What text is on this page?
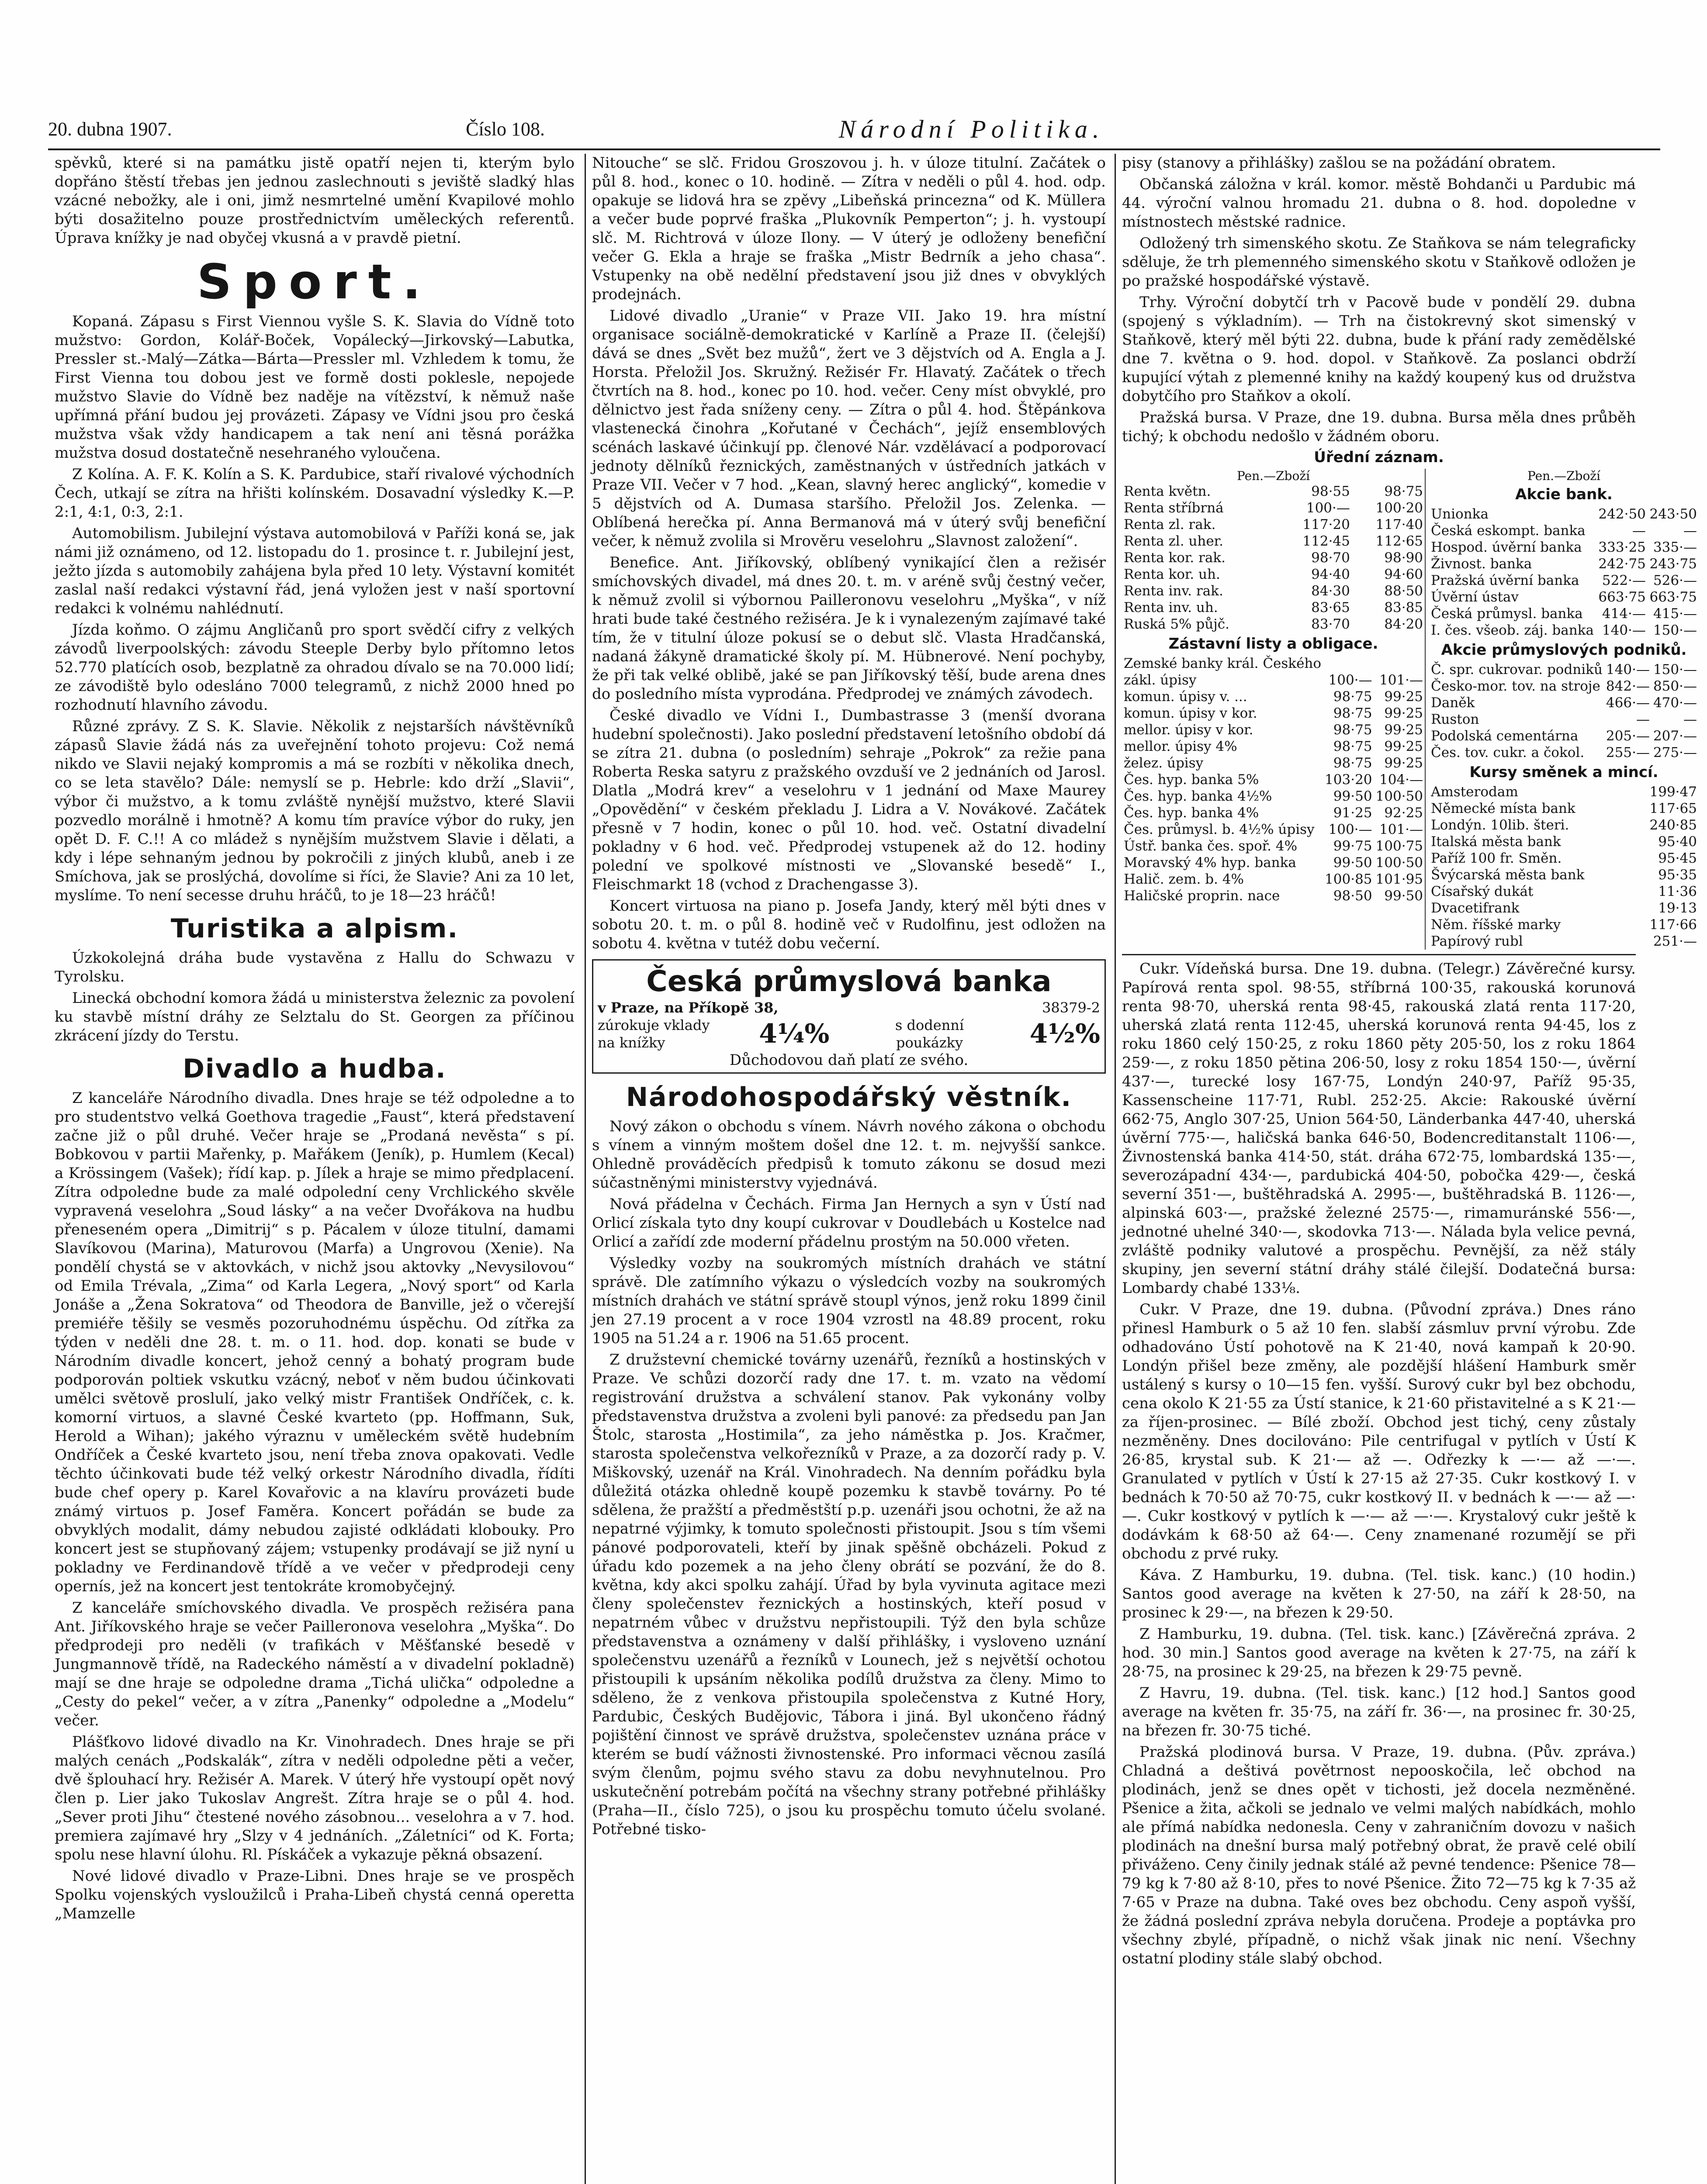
20. dubna 1907.	Číslo 108.	Národní Politika.

spěvků, které si na památku jistě opatří nejen ti, kterým bylo dopřáno štěstí třebas jen jednou zaslechnouti s jeviště sladký hlas vzácné nebožky, ale i oni, jimž nesmrtelné umění Kvapilové mohlo býti dosažitelno pouze prostřednictvím uměleckých referentů. Úprava knížky je nad obyčej vkusná a v pravdě pietní.

Sport.

Kopaná. Zápasu s First Viennou vyšle S. K. Slavia do Vídně toto mužstvo: Gordon, Kolář-Boček, Vopálecký—Jirkovský—Labutka, Pressler st.-Malý—Zátka—Bárta—Pressler ml. Vzhledem k tomu, že First Vienna tou dobou jest ve formě dosti poklesle, nepojede mužstvo Slavie do Vídně bez naděje na vítězství, k němuž naše upřímná přání budou jej provázeti. Zápasy ve Vídni jsou pro česká mužstva však vždy handicapem a tak není ani těsná porážka mužstva dosud dostatečně nesehraného vyloučena.

Z Kolína. A. F. K. Kolín a S. K. Pardubice, staří rivalové východních Čech, utkají se zítra na hřišti kolínském. Dosavadní výsledky K.—P. 2:1, 4:1, 0:3, 2:1.

Automobilism. Jubilejní výstava automobilová v Paříži koná se, jak námi již oznámeno, od 12. listopadu do 1. prosince t. r. Jubilejní jest, ježto jízda s automobily zahájena byla před 10 lety. Výstavní komitét zaslal naší redakci výstavní řád, jená vyložen jest v naší sportovní redakci k volnému nahlédnutí.

Jízda koňmo. O zájmu Angličanů pro sport svědčí cifry z velkých závodů liverpoolských: závodu Steeple Derby bylo přítomno letos 52.770 platících osob, bezplatně za ohradou dívalo se na 70.000 lidí; ze závodiště bylo odesláno 7000 telegramů, z nichž 2000 hned po rozhodnutí hlavního závodu.

Různé zprávy. Z S. K. Slavie. Několik z nejstarších návštěvníků zápasů Slavie žádá nás za uveřejnění tohoto projevu: Což nemá nikdo ve Slavii nejaký kompromis a má se rozbíti v několika dnech, co se leta stavělo? Dále: nemyslí se p. Hebrle: kdo drží „Slavii“, výbor či mužstvo, a k tomu zvláště nynější mužstvo, které Slavii pozvedlo morálně i hmotně? A komu tím pravíce výbor do ruky, jen opět D. F. C.!! A co mládež s nynějším mužstvem Slavie i dělati, a kdy i lépe sehnaným jednou by pokročili z jiných klubů, aneb i ze Smíchova, jak se proslýchá, dovolíme si říci, že Slavie? Ani za 10 let, myslíme. To není secesse druhu hráčů, to je 18—23 hráčů!

Turistika a alpism.

Úzkokolejná dráha bude vystavěna z Hallu do Schwazu v Tyrolsku.

Linecká obchodní komora žádá u ministerstva železnic za povolení ku stavbě místní dráhy ze Selztalu do St. Georgen za příčinou zkrácení jízdy do Terstu.

Divadlo a hudba.

Z kanceláře Národního divadla. Dnes hraje se též odpoledne a to pro studentstvo velká Goethova tragedie „Faust“, která představení začne již o půl druhé. Večer hraje se „Prodaná nevěsta“ s pí. Bobkovou v partii Mařenky, p. Mařákem (Jeník), p. Humlem (Kecal) a Krössingem (Vašek); řídí kap. p. Jílek a hraje se mimo předplacení. Zítra odpoledne bude za malé odpolední ceny Vrchlického skvěle vypravená veselohra „Soud lásky“ a na večer Dvořákova na hudbu přeneseném opera „Dimitrij“ s p. Pácalem v úloze titulní, damami Slavíkovou (Marina), Maturovou (Marfa) a Ungrovou (Xenie). Na pondělí chystá se v aktovkách, v nichž jsou aktovky „Nevysilovou“ od Emila Trévala, „Zima“ od Karla Legera, „Nový sport“ od Karla Jonáše a „Žena Sokratova“ od Theodora de Banville, jež o včerejší premiéře těšily se vesměs pozoruhodnému úspěchu. Od zítřka za týden v neděli dne 28. t. m. o 11. hod. dop. konati se bude v Národním divadle koncert, jehož cenný a bohatý program bude podporován poltiek vskutku vzácný, neboť v něm budou účinkovati umělci světově proslulí, jako velký mistr František Ondříček, c. k. komorní virtuos, a slavné České kvarteto (pp. Hoffmann, Suk, Herold a Wihan); jakého výraznu v uměleckém světě hudebním Ondříček a České kvarteto jsou, není třeba znova opakovati. Vedle těchto účinkovati bude též velký orkestr Národního divadla, řídíti bude chef opery p. Karel Kovařovic a na klavíru provázeti bude známý virtuos p. Josef Faměra. Koncert pořádán se bude za obvyklých modalit, dámy nebudou zajisté odkládati klobouky. Pro koncert jest se stupňovaný zájem; vstupenky prodávají se již nyní u pokladny ve Ferdinandově třídě a ve večer v předprodeji ceny opernís, jež na koncert jest tentokráte kromobyčejný.

Z kanceláře smíchovského divadla. Ve prospěch režiséra pana Ant. Jiříkovského hraje se večer Pailleronova veselohra „Myška“. Do předprodeji pro neděli (v trafikách v Měšťanské besedě v Jungmannově třídě, na Radeckého náměstí a v divadelní pokladně) mají se dne hraje se odpoledne drama „Tichá ulička“ odpoledne a „Cesty do pekel“ večer, a v zítra „Panenky“ odpoledne a „Modelu“ večer.

Plášťkovo lidové divadlo na Kr. Vinohradech. Dnes hraje se při malých cenách „Podskalák“, zítra v neděli odpoledne pěti a večer, dvě šplouhací hry. Režisér A. Marek. V úterý hře vystoupí opět nový člen p. Lier jako Tukoslav Angrešt. Zítra hraje se o půl 4. hod. „Sever proti Jihu“ čtestené nového zásobnou... veselohra a v 7. hod. premiera zajímavé hry „Slzy v 4 jednáních. „Záletníci“ od K. Forta; spolu nese hlavní úlohu. Rl. Pískáček a vykazuje pěkná obsazení.

Nové lidové divadlo v Praze-Libni. Dnes hraje se ve prospěch Spolku vojenských vysloužilců i Praha-Libeň chystá cenná operetta „Mamzelle

Nitouche“ se slč. Fridou Groszovou j. h. v úloze titulní. Začátek o půl 8. hod., konec o 10. hodině. — Zítra v neděli o půl 4. hod. odp. opakuje se lidová hra se zpěvy „Libeňská princezna“ od K. Müllera a večer bude poprvé fraška „Plukovník Pemperton“; j. h. vystoupí slč. M. Richtrová v úloze Ilony. — V úterý je odloženy benefiční večer G. Ekla a hraje se fraška „Mistr Bedrník a jeho chasa“. Vstupenky na obě nedělní představení jsou již dnes v obvyklých prodejnách.

Lidové divadlo „Uranie“ v Praze VII. Jako 19. hra místní organisace sociálně-demokratické v Karlíně a Praze II. (čelejší) dává se dnes „Svět bez mužů“, žert ve 3 dějstvích od A. Engla a J. Horsta. Přeložil Jos. Skružný. Režisér Fr. Hlavatý. Začátek o třech čtvrtích na 8. hod., konec po 10. hod. večer. Ceny míst obvyklé, pro dělnictvo jest řada sníženy ceny. — Zítra o půl 4. hod. Štěpánkova vlastenecká činohra „Kořutané v Čechách“, jejíž ensemblových scénách laskavé účinkují pp. členové Nár. vzdělávací a podporovací jednoty dělníků řeznických, zaměstnaných v ústředních jatkách v Praze VII. Večer v 7 hod. „Kean, slavný herec anglický“, komedie v 5 dějstvích od A. Dumasa staršího. Přeložil Jos. Zelenka. — Oblíbená herečka pí. Anna Bermanová má v úterý svůj benefiční večer, k němuž zvolila si Mrověru veselohru „Slavnost založení“.

Benefice. Ant. Jiříkovský, oblíbený vynikající člen a režisér smíchovských divadel, má dnes 20. t. m. v aréně svůj čestný večer, k němuž zvolil si výbornou Pailleronovu veselohru „Myška“, v níž hrati bude také čestného režiséra. Je k i vynalezeným zajímavé také tím, že v titulní úloze pokusí se o debut slč. Vlasta Hradčanská, nadaná žákyně dramatické školy pí. M. Hübnerové. Není pochyby, že při tak velké oblibě, jaké se pan Jiříkovský těší, bude arena dnes do posledního místa vyprodána. Předprodej ve známých závodech.

České divadlo ve Vídni I., Dumbastrasse 3 (menší dvorana hudební společnosti). Jako poslední představení letošního období dá se zítra 21. dubna (o posledním) sehraje „Pokrok“ za režie pana Roberta Reska satyru z pražského ovzduší ve 2 jednáních od Jarosl. Dlatla „Modrá krev“ a veselohru v 1 jednání od Maxe Maurey „Opovědění“ v českém překladu J. Lidra a V. Novákové. Začátek přesně v 7 hodin, konec o půl 10. hod. več. Ostatní divadelní pokladny v 6 hod. več. Předprodej vstupenek až do 12. hodiny polední ve spolkové místnosti ve „Slovanské besedě“ I., Fleischmarkt 18 (vchod z Drachengasse 3).

Koncert virtuosa na piano p. Josefa Jandy, který měl býti dnes v sobotu 20. t. m. o půl 8. hodině več v Rudolfinu, jest odložen na sobotu 4. května v tutéž dobu večerní.

Česká průmyslová banka
v Praze, na Příkopě 38,	38379-2
zúrokuje vklady na knížky	4¼%	s dodenní poukázky	4½%
Důchodovou daň platí ze svého.
Národohospodářský věstník.

Nový zákon o obchodu s vínem. Návrh nového zákona o obchodu s vínem a vinným moštem došel dne 12. t. m. nejvyšší sankce. Ohledně prováděcích předpisů k tomuto zákonu se dosud mezi súčastněnými ministerstvy vyjednává.

Nová přádelna v Čechách. Firma Jan Hernych a syn v Ústí nad Orlicí získala tyto dny koupí cukrovar v Doudlebách u Kostelce nad Orlicí a zařídí zde moderní přádelnu prostým na 50.000 vřeten.

Výsledky vozby na soukromých místních drahách ve státní správě. Dle zatímního výkazu o výsledcích vozby na soukromých místních drahách ve státní správě stoupl výnos, jenž roku 1899 činil jen 27.19 procent a v roce 1904 vzrostl na 48.89 procent, roku 1905 na 51.24 a r. 1906 na 51.65 procent.

Z družstevní chemické továrny uzenářů, řezníků a hostinských v Praze. Ve schůzi dozorčí rady dne 17. t. m. vzato na vědomí registrování družstva a schválení stanov. Pak vykonány volby představenstva družstva a zvoleni byli panové: za předsedu pan Jan Štolc, starosta „Hostimila“, za jeho náměstka p. Jos. Kračmer, starosta společenstva velkořezníků v Praze, a za dozorčí rady p. V. Miškovský, uzenář na Král. Vinohradech. Na denním pořádku byla důležitá otázka ohledně koupě pozemku k stavbě továrny. Po té sdělena, že pražští a předměstští p.p. uzenáři jsou ochotni, že až na nepatrné výjimky, k tomuto společnosti přistoupit. Jsou s tím všemi pánové podporovateli, kteří by jinak spěšně obcházeli. Pokud z úřadu kdo pozemek a na jeho členy obrátí se pozvání, že do 8. května, kdy akci spolku zahájí. Úřad by byla vyvinuta agitace mezi členy společenstev řeznických a hostinských, kteří posud v nepatrném vůbec v družstvu nepřistoupili. Týž den byla schůze představenstva a oznámeny v další přihlášky, i vysloveno uznání společenstvu uzenářů a řezníků v Lounech, jež s největší ochotou přistoupili k upsáním několika podílů družstva za členy. Mimo to sděleno, že z venkova přistoupila společenstva z Kutné Hory, Pardubic, Českých Budějovic, Tábora i jiná. Byl ukončeno řádný pojištění činnost ve správě družstva, společenstev uznána práce v kterém se budí vážnosti živnostenské. Pro informaci věcnou zasílá svým členům, pojmu svého stavu za dobu nevyhnutelnou. Pro uskutečnění potrebám počítá na všechny strany potřebné přihlášky (Praha—II., číslo 725), o jsou ku prospěchu tomuto účelu svolané. Potřebné tisko-

pisy (stanovy a přihlášky) zašlou se na požádání obratem.

Občanská záložna v král. komor. městě Bohdanči u Pardubic má 44. výroční valnou hromadu 21. dubna o 8. hod. dopoledne v místnostech městské radnice.

Odložený trh simenského skotu. Ze Staňkova se nám telegraficky sděluje, že trh plemenného simenského skotu v Staňkově odložen je po pražské hospodářské výstavě.

Trhy. Výroční dobytčí trh v Pacově bude v pondělí 29. dubna (spojený s výkladním). — Trh na čistokrevný skot simenský v Staňkově, který měl býti 22. dubna, bude k přání rady zemědělské dne 7. května o 9. hod. dopol. v Staňkově. Za poslanci obdrží kupující výtah z plemenné knihy na každý koupený kus od družstva dobytčího pro Staňkov a okolí.

Pražská bursa. V Praze, dne 19. dubna. Bursa měla dnes průběh tichý; k obchodu nedošlo v žádném oboru.

Úřední záznam.
Pen.—Zboží
Renta květn.	98·55	98·75
Renta stříbrná	100·—	100·20
Renta zl. rak.	117·20	117·40
Renta zl. uher.	112·45	112·65
Renta kor. rak.	98·70	98·90
Renta kor. uh.	94·40	94·60
Renta inv. rak.	84·30	88·50
Renta inv. uh.	83·65	83·85
Ruská 5% půjč.	83·70	84·20
Zástavní listy a obligace.
Zemské banky král. Českého		
zákl. úpisy	100·—	101·—
komun. úpisy v. ...	98·75	99·25
komun. úpisy v kor.	98·75	99·25
mellor. úpisy v kor.	98·75	99·25
mellor. úpisy 4%	98·75	99·25
želez. úpisy	98·75	99·25
Čes. hyp. banka 5%	103·20	104·—
Čes. hyp. banka 4½%	99·50	100·50
Čes. hyp. banka 4%	91·25	92·25
Čes. průmysl. b. 4½% úpisy	100·—	101·—
Ústř. banka čes. spoř. 4%	99·75	100·75
Moravský 4% hyp. banka	99·50	100·50
Halič. zem. b. 4%	100·85	101·95
Haličské proprin. nace	98·50	99·50
Pen.—Zboží
Akcie bank.
Unionka	242·50	243·50
Česká eskompt. banka	—	—
Hospod. úvěrní banka	333·25	335·—
Živnost. banka	242·75	243·75
Pražská úvěrní banka	522·—	526·—
Úvěrní ústav	663·75	663·75
Česká průmysl. banka	414·—	415·—
I. čes. všeob. záj. banka	140·—	150·—
Akcie průmyslových podniků.
Č. spr. cukrovar. podniků	140·—	150·—
Česko-mor. tov. na stroje	842·—	850·—
Daněk	466·—	470·—
Ruston	—	—
Podolská cementárna	205·—	207·—
Čes. tov. cukr. a čokol.	255·—	275·—
Kursy směnek a mincí.
Amsterodam		199·47
Německé místa bank		117·65
Londýn. 10lib. šteri.		240·85
Italská města bank		95·40
Paříž 100 fr. Směn.		95·45
Švýcarská města bank		95·35
Císařský dukát		11·36
Dvacetifrank		19·13
Něm. říšské marky		117·66
Papírový rubl		251·—

Cukr. Vídeňská bursa. Dne 19. dubna. (Telegr.) Závěrečné kursy. Papírová renta spol. 98·55, stříbrná 100·35, rakouská korunová renta 98·70, uherská renta 98·45, rakouská zlatá renta 117·20, uherská zlatá renta 112·45, uherská korunová renta 94·45, los z roku 1860 celý 150·25, z roku 1860 pěty 205·50, los z roku 1864 259·—, z roku 1850 pětina 206·50, losy z roku 1854 150·—, úvěrní 437·—, turecké losy 167·75, Londýn 240·97, Paříž 95·35, Kassenscheine 117·71, Rubl. 252·25. Akcie: Rakouské úvěrní 662·75, Anglo 307·25, Union 564·50, Länderbanka 447·40, uherská úvěrní 775·—, haličská banka 646·50, Bodencreditanstalt 1106·—, Živnostenská banka 414·50, stát. dráha 672·75, lombardská 135·—, severozápadní 434·—, pardubická 404·50, pobočka 429·—, česká severní 351·—, buštěhradská A. 2995·—, buštěhradská B. 1126·—, alpinská 603·—, pražské železné 2575·—, rimamuránské 556·—, jednotné uhelné 340·—, skodovka 713·—. Nálada byla velice pevná, zvláště podniky valutové a prospěchu. Pevnější, za něž stály skupiny, jen severní státní dráhy stálé čilejší. Dodatečná bursa: Lombardy chabé 133⅛.

Cukr. V Praze, dne 19. dubna. (Původní zpráva.) Dnes ráno přinesl Hamburk o 5 až 10 fen. slabší zásmluv první výrobu. Zde odhadováno Ústí pohotově na K 21·40, nová kampaň k 20·90. Londýn přišel beze změny, ale pozdější hlášení Hamburk směr ustálený s kursy o 10—15 fen. vyšší. Surový cukr byl bez obchodu, cena okolo K 21·55 za Ústí stanice, k 21·60 přistavitelné a s K 21·— za říjen-prosinec. — Bílé zboží. Obchod jest tichý, ceny zůstaly nezměněny. Dnes docilováno: Pile centrifugal v pytlích v Ústí K 26·85, krystal sub. K 21·— až —. Odřezky k —·— až —·—. Granulated v pytlích v Ústí k 27·15 až 27·35. Cukr kostkový I. v bednách k 70·50 až 70·75, cukr kostkový II. v bednách k —·— až —·—. Cukr kostkový v pytlích k —·— až —·—. Krystalový cukr ještě k dodávkám k 68·50 až 64·—. Ceny znamenané rozumějí se při obchodu z prvé ruky.

Káva. Z Hamburku, 19. dubna. (Tel. tisk. kanc.) (10 hodin.) Santos good average na květen k 27·50, na září k 28·50, na prosinec k 29·—, na březen k 29·50.

Z Hamburku, 19. dubna. (Tel. tisk. kanc.) [Závěrečná zpráva. 2 hod. 30 min.] Santos good average na květen k 27·75, na září k 28·75, na prosinec k 29·25, na březen k 29·75 pevně.

Z Havru, 19. dubna. (Tel. tisk. kanc.) [12 hod.] Santos good average na květen fr. 35·75, na září fr. 36·—, na prosinec fr. 30·25, na březen fr. 30·75 tiché.

Pražská plodinová bursa. V Praze, 19. dubna. (Pův. zpráva.) Chladná a deštivá povětrnost nepooskočila, leč obchod na plodinách, jenž se dnes opět v tichosti, jež docela nezměněné. Pšenice a žita, ačkoli se jednalo ve velmi malých nabídkách, mohlo ale přímá nabídka nedonesla. Ceny v zahraničním dovozu v našich plodinách na dnešní bursa malý potřebný obrat, že pravě celé obilí přiváženo. Ceny činily jednak stálé až pevné tendence: Pšenice 78—79 kg k 7·80 až 8·10, přes to nové Pšenice. Žito 72—75 kg k 7·35 až 7·65 v Praze na dubna. Také oves bez obchodu. Ceny aspoň vyšší, že žádná poslední zpráva nebyla doručena. Prodeje a poptávka pro všechny zbylé, případně, o nichž však jinak nic není. Všechny ostatní plodiny stále slabý obchod.
